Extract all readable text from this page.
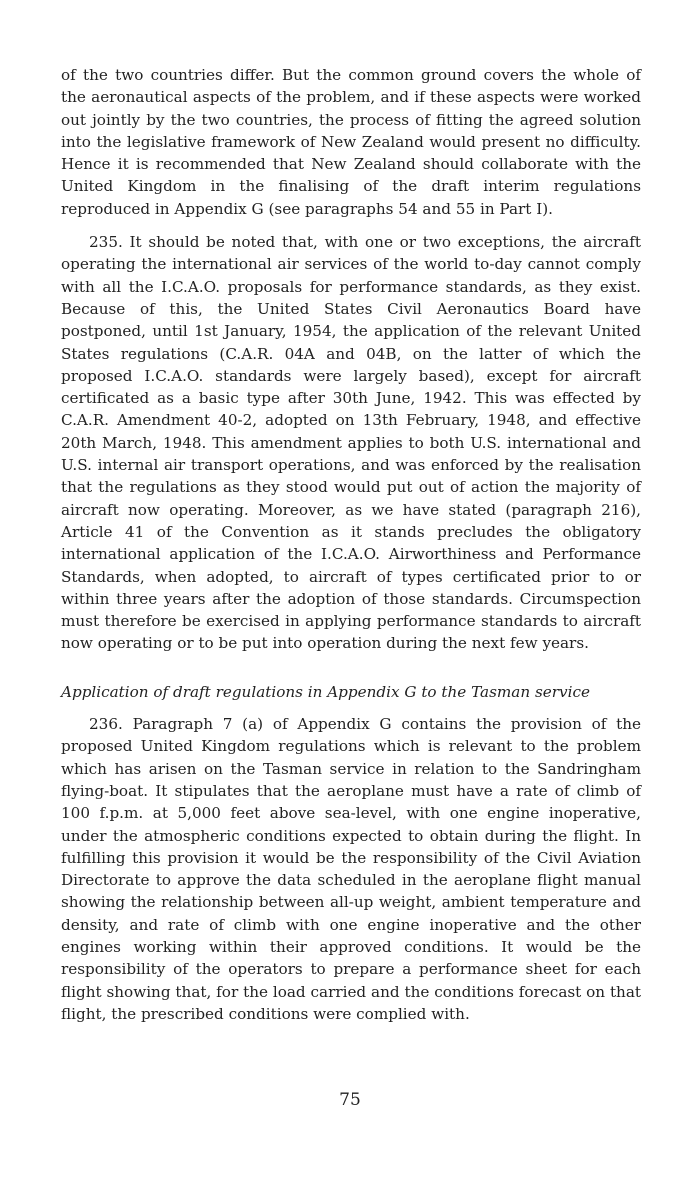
of the two countries differ. But the common ground covers the whole of the aeronautical aspects of the problem, and if these aspects were worked out jointly by the two countries, the process of fitting the agreed solution into the legislative framework of New Zealand would present no difficulty. Hence it is recommended that New Zealand should collaborate with the United Kingdom in the finalising of the draft interim regulations reproduced in Appendix G (see paragraphs 54 and 55 in Part I).

235. It should be noted that, with one or two exceptions, the aircraft operating the international air services of the world to-day cannot comply with all the I.C.A.O. proposals for performance standards, as they exist. Because of this, the United States Civil Aeronautics Board have postponed, until 1st January, 1954, the application of the relevant United States regulations (C.A.R. 04A and 04B, on the latter of which the proposed I.C.A.O. standards were largely based), except for aircraft certificated as a basic type after 30th June, 1942. This was effected by C.A.R. Amendment 40-2, adopted on 13th February, 1948, and effective 20th March, 1948. This amendment applies to both U.S. international and U.S. internal air transport operations, and was enforced by the realisation that the regulations as they stood would put out of action the majority of aircraft now operating. Moreover, as we have stated (paragraph 216), Article 41 of the Convention as it stands precludes the obligatory international application of the I.C.A.O. Airworthiness and Performance Standards, when adopted, to aircraft of types certificated prior to or within three years after the adoption of those standards. Circumspection must therefore be exercised in applying performance standards to aircraft now operating or to be put into operation during the next few years.

Application of draft regulations in Appendix G to the Tasman service

236. Paragraph 7 (a) of Appendix G contains the provision of the proposed United Kingdom regulations which is relevant to the problem which has arisen on the Tasman service in relation to the Sandringham flying-boat. It stipulates that the aeroplane must have a rate of climb of 100 f.p.m. at 5,000 feet above sea-level, with one engine inoperative, under the atmospheric conditions expected to obtain during the flight. In fulfilling this provision it would be the responsibility of the Civil Aviation Directorate to approve the data scheduled in the aeroplane flight manual showing the relationship between all-up weight, ambient temperature and density, and rate of climb with one engine inoperative and the other engines working within their approved conditions. It would be the responsibility of the operators to prepare a performance sheet for each flight showing that, for the load carried and the conditions forecast on that flight, the prescribed conditions were complied with.

75
